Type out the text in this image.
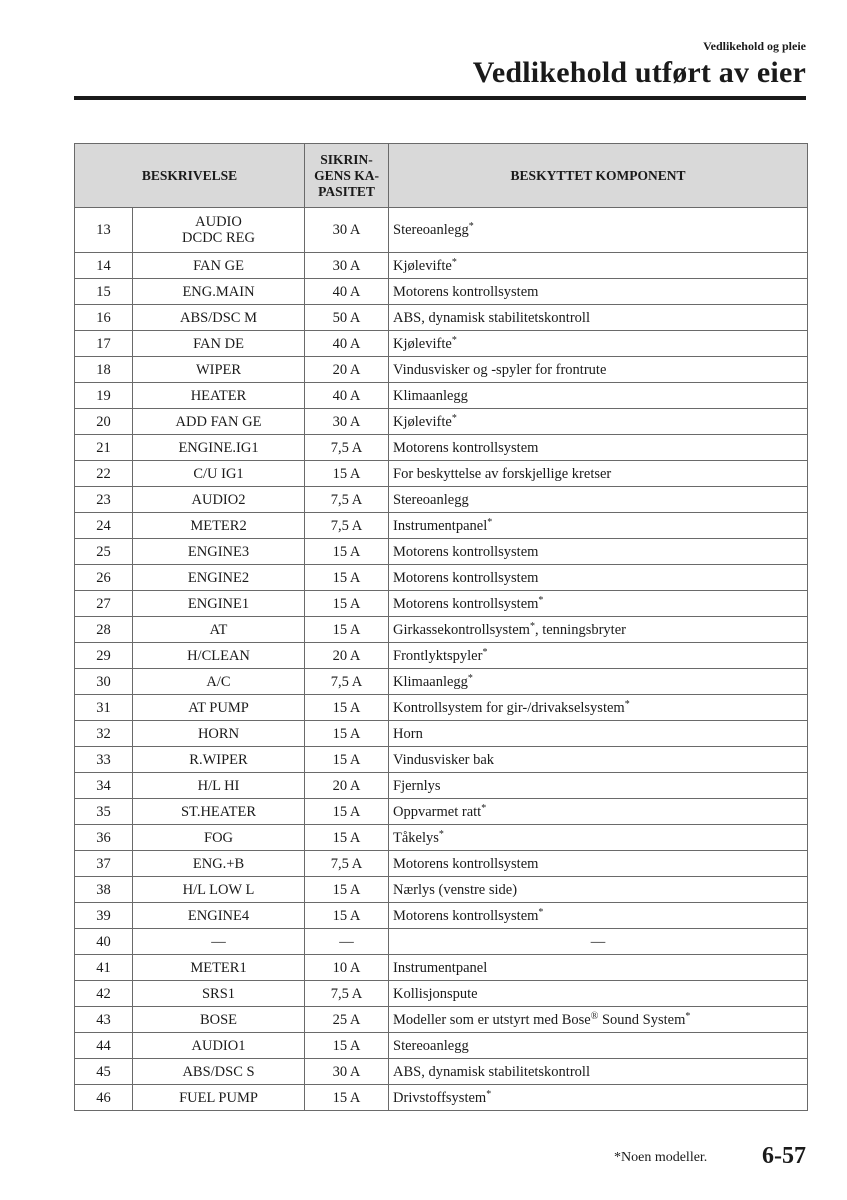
Vedlikehold og pleie
Vedlikehold utført av eier
BESKRIVELSE		SIKRIN-
GENS KA-
PASITET	BESKYTTET KOMPONENT
13	AUDIO
DCDC REG	30 A	Stereoanlegg*
14	FAN GE	30 A	Kjølevifte*
15	ENG.MAIN	40 A	Motorens kontrollsystem
16	ABS/DSC M	50 A	ABS, dynamisk stabilitetskontroll
17	FAN DE	40 A	Kjølevifte*
18	WIPER	20 A	Vindusvisker og -spyler for frontrute
19	HEATER	40 A	Klimaanlegg
20	ADD FAN GE	30 A	Kjølevifte*
21	ENGINE.IG1	7,5 A	Motorens kontrollsystem
22	C/U IG1	15 A	For beskyttelse av forskjellige kretser
23	AUDIO2	7,5 A	Stereoanlegg
24	METER2	7,5 A	Instrumentpanel*
25	ENGINE3	15 A	Motorens kontrollsystem
26	ENGINE2	15 A	Motorens kontrollsystem
27	ENGINE1	15 A	Motorens kontrollsystem*
28	AT	15 A	Girkassekontrollsystem*, tenningsbryter
29	H/CLEAN	20 A	Frontlyktspyler*
30	A/C	7,5 A	Klimaanlegg*
31	AT PUMP	15 A	Kontrollsystem for gir-/drivakselsystem*
32	HORN	15 A	Horn
33	R.WIPER	15 A	Vindusvisker bak
34	H/L HI	20 A	Fjernlys
35	ST.HEATER	15 A	Oppvarmet ratt*
36	FOG	15 A	Tåkelys*
37	ENG.+B	7,5 A	Motorens kontrollsystem
38	H/L LOW L	15 A	Nærlys (venstre side)
39	ENGINE4	15 A	Motorens kontrollsystem*
40	—	—	—
41	METER1	10 A	Instrumentpanel
42	SRS1	7,5 A	Kollisjonspute
43	BOSE	25 A	Modeller som er utstyrt med Bose® Sound System*
44	AUDIO1	15 A	Stereoanlegg
45	ABS/DSC S	30 A	ABS, dynamisk stabilitetskontroll
46	FUEL PUMP	15 A	Drivstoffsystem*
*Noen modeller. 6-57
